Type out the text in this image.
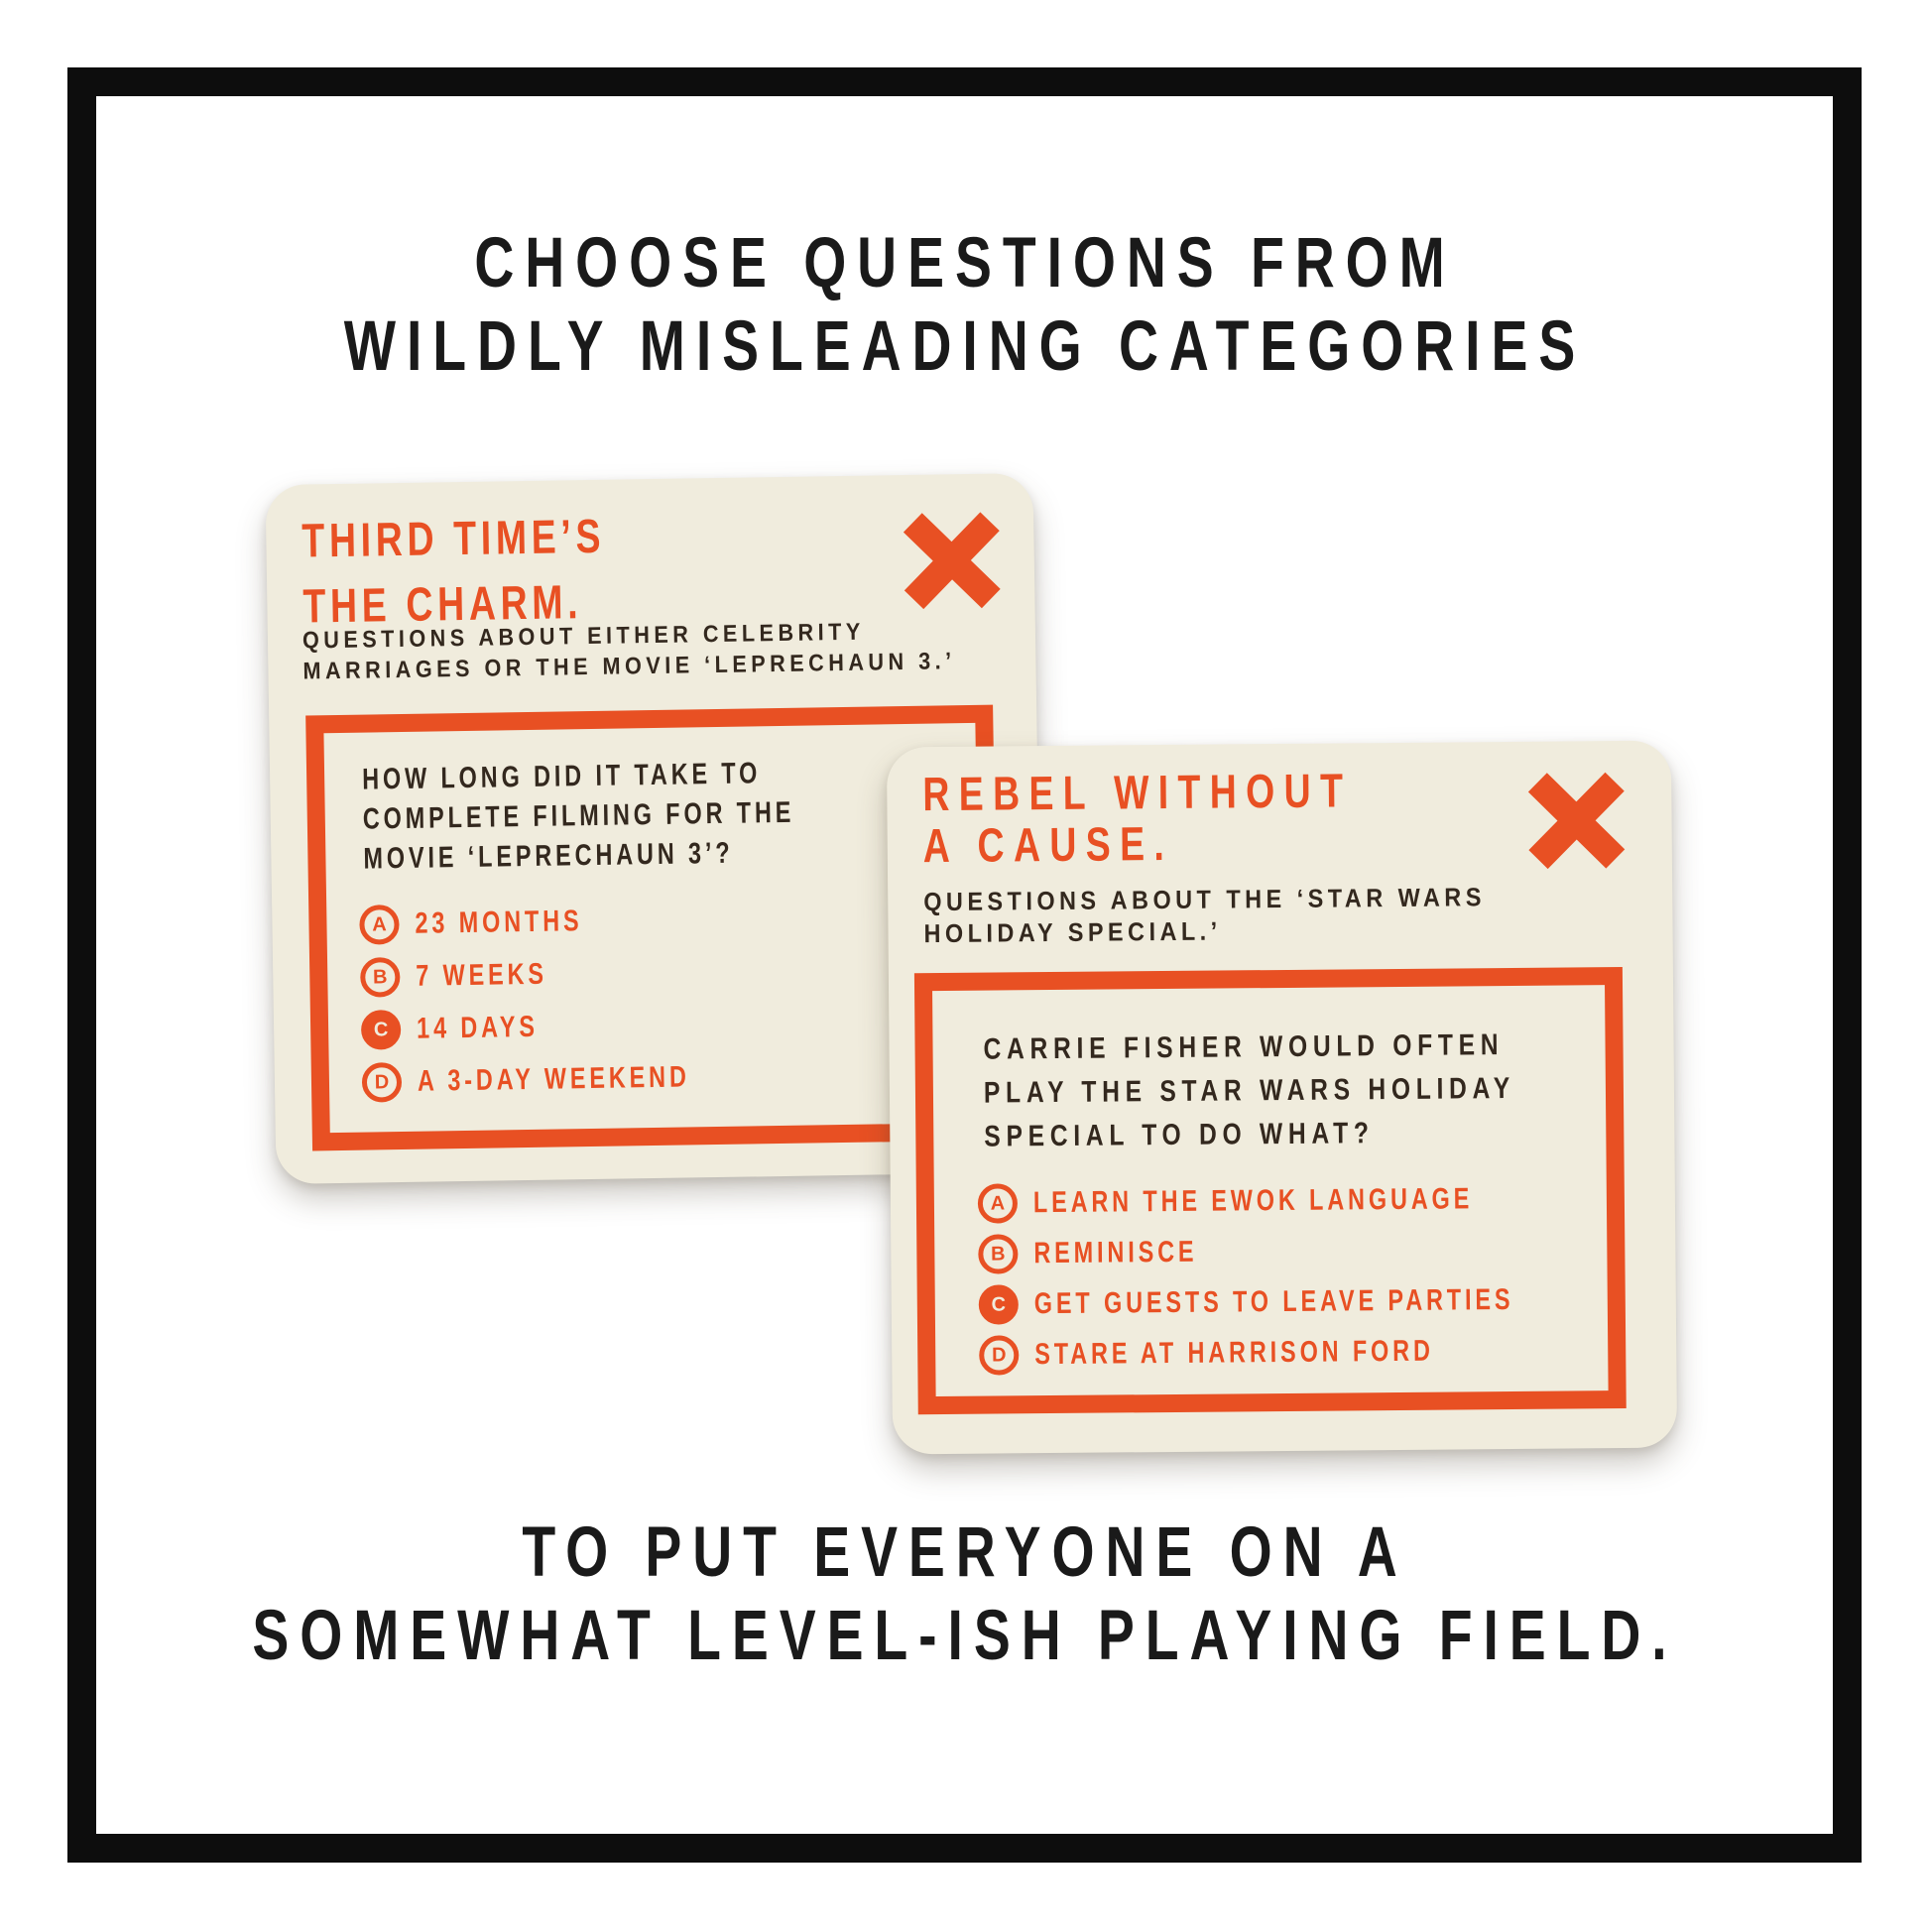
CHOOSE QUESTIONS FROM
WILDLY MISLEADING CATEGORIES
THIRD TIME’S
THE CHARM.
QUESTIONS ABOUT EITHER CELEBRITY
MARRIAGES OR THE MOVIE ‘LEPRECHAUN 3.’
HOW LONG DID IT TAKE TO
COMPLETE FILMING FOR THE
MOVIE ‘LEPRECHAUN 3’?
A 23 MONTHS
B 7 WEEKS
C 14 DAYS
D A 3-DAY WEEKEND
REBEL WITHOUT
A CAUSE.
QUESTIONS ABOUT THE ‘STAR WARS
HOLIDAY SPECIAL.’
CARRIE FISHER WOULD OFTEN
PLAY THE STAR WARS HOLIDAY
SPECIAL TO DO WHAT?
A LEARN THE EWOK LANGUAGE
B REMINISCE
C GET GUESTS TO LEAVE PARTIES
D STARE AT HARRISON FORD
TO PUT EVERYONE ON A
SOMEWHAT LEVEL-ISH PLAYING FIELD.
